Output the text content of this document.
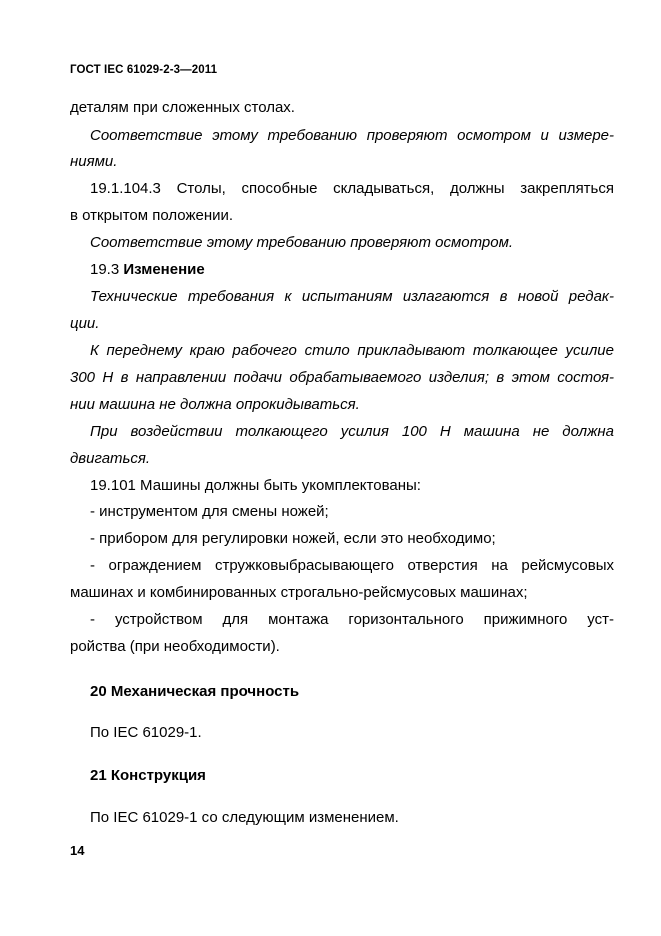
ГОСТ IEC 61029-2-3—2011
деталям при сложенных столах.
Соответствие этому требованию проверяют осмотром и измере-
ниями.
19.1.104.3 Столы, способные складываться, должны закрепляться
в открытом положении.
Соответствие этому требованию проверяют осмотром.
19.3 Изменение
Технические требования к испытаниям излагаются в новой редак-
ции.
К переднему краю рабочего стило прикладывают толкающее усилие
300 Н в направлении подачи обрабатываемого изделия; в этом состоя-
нии машина не должна опрокидываться.
При воздействии толкающего усилия 100 Н машина не должна
двигаться.
19.101 Машины должны быть укомплектованы:
- инструментом для смены ножей;
- прибором для регулировки ножей, если это необходимо;
- ограждением стружковыбрасывающего отверстия на рейсмусовых
машинах и комбинированных строгально-рейсмусовых машинах;
- устройством для монтажа горизонтального прижимного уст-
ройства (при необходимости).
20 Механическая прочность
По IEC 61029-1.
21 Конструкция
По IEC 61029-1 со следующим изменением.
14
